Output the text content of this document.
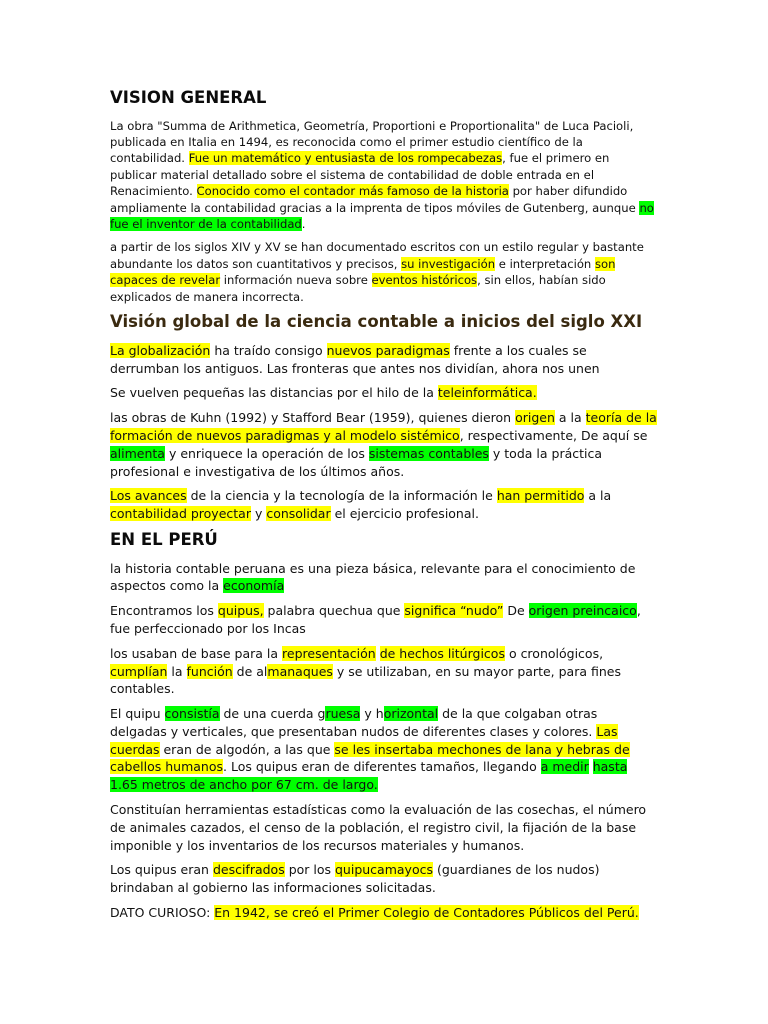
VISION GENERAL

La obra "Summa de Arithmetica, Geometría, Proportioni e Proportionalita" de Luca Pacioli, publicada en Italia en 1494, es reconocida como el primer estudio científico de la contabilidad. Fue un matemático y entusiasta de los rompecabezas, fue el primero en publicar material detallado sobre el sistema de contabilidad de doble entrada en el Renacimiento. Conocido como el contador más famoso de la historia por haber difundido ampliamente la contabilidad gracias a la imprenta de tipos móviles de Gutenberg, aunque no fue el inventor de la contabilidad.

a partir de los siglos XIV y XV se han documentado escritos con un estilo regular y bastante abundante los datos son cuantitativos y precisos, su investigación e interpretación son capaces de revelar información nueva sobre eventos históricos, sin ellos, habían sido explicados de manera incorrecta.

Visión global de la ciencia contable a inicios del siglo XXI

La globalización ha traído consigo nuevos paradigmas frente a los cuales se derrumban los antiguos. Las fronteras que antes nos dividían, ahora nos unen

Se vuelven pequeñas las distancias por el hilo de la teleinformática.

las obras de Kuhn (1992) y Stafford Bear (1959), quienes dieron origen a la teoría de la formación de nuevos paradigmas y al modelo sistémico, respectivamente, De aquí se alimenta y enriquece la operación de los sistemas contables y toda la práctica profesional e investigativa de los últimos años.

Los avances de la ciencia y la tecnología de la información le han permitido a la contabilidad proyectar y consolidar el ejercicio profesional.

EN EL PERÚ

la historia contable peruana es una pieza básica, relevante para el conocimiento de aspectos como la economía

Encontramos los quipus, palabra quechua que significa “nudo” De origen preincaico, fue perfeccionado por los Incas

los usaban de base para la representación de hechos litúrgicos o cronológicos, cumplían la función de almanaques y se utilizaban, en su mayor parte, para fines contables.

El quipu consistía de una cuerda gruesa y horizontal de la que colgaban otras delgadas y verticales, que presentaban nudos de diferentes clases y colores. Las cuerdas eran de algodón, a las que se les insertaba mechones de lana y hebras de cabellos humanos. Los quipus eran de diferentes tamaños, llegando a medir hasta 1.65 metros de ancho por 67 cm. de largo.

Constituían herramientas estadísticas como la evaluación de las cosechas, el número de animales cazados, el censo de la población, el registro civil, la fijación de la base imponible y los inventarios de los recursos materiales y humanos.

Los quipus eran descifrados por los quipucamayocs (guardianes de los nudos) brindaban al gobierno las informaciones solicitadas.

DATO CURIOSO: En 1942, se creó el Primer Colegio de Contadores Públicos del Perú.
